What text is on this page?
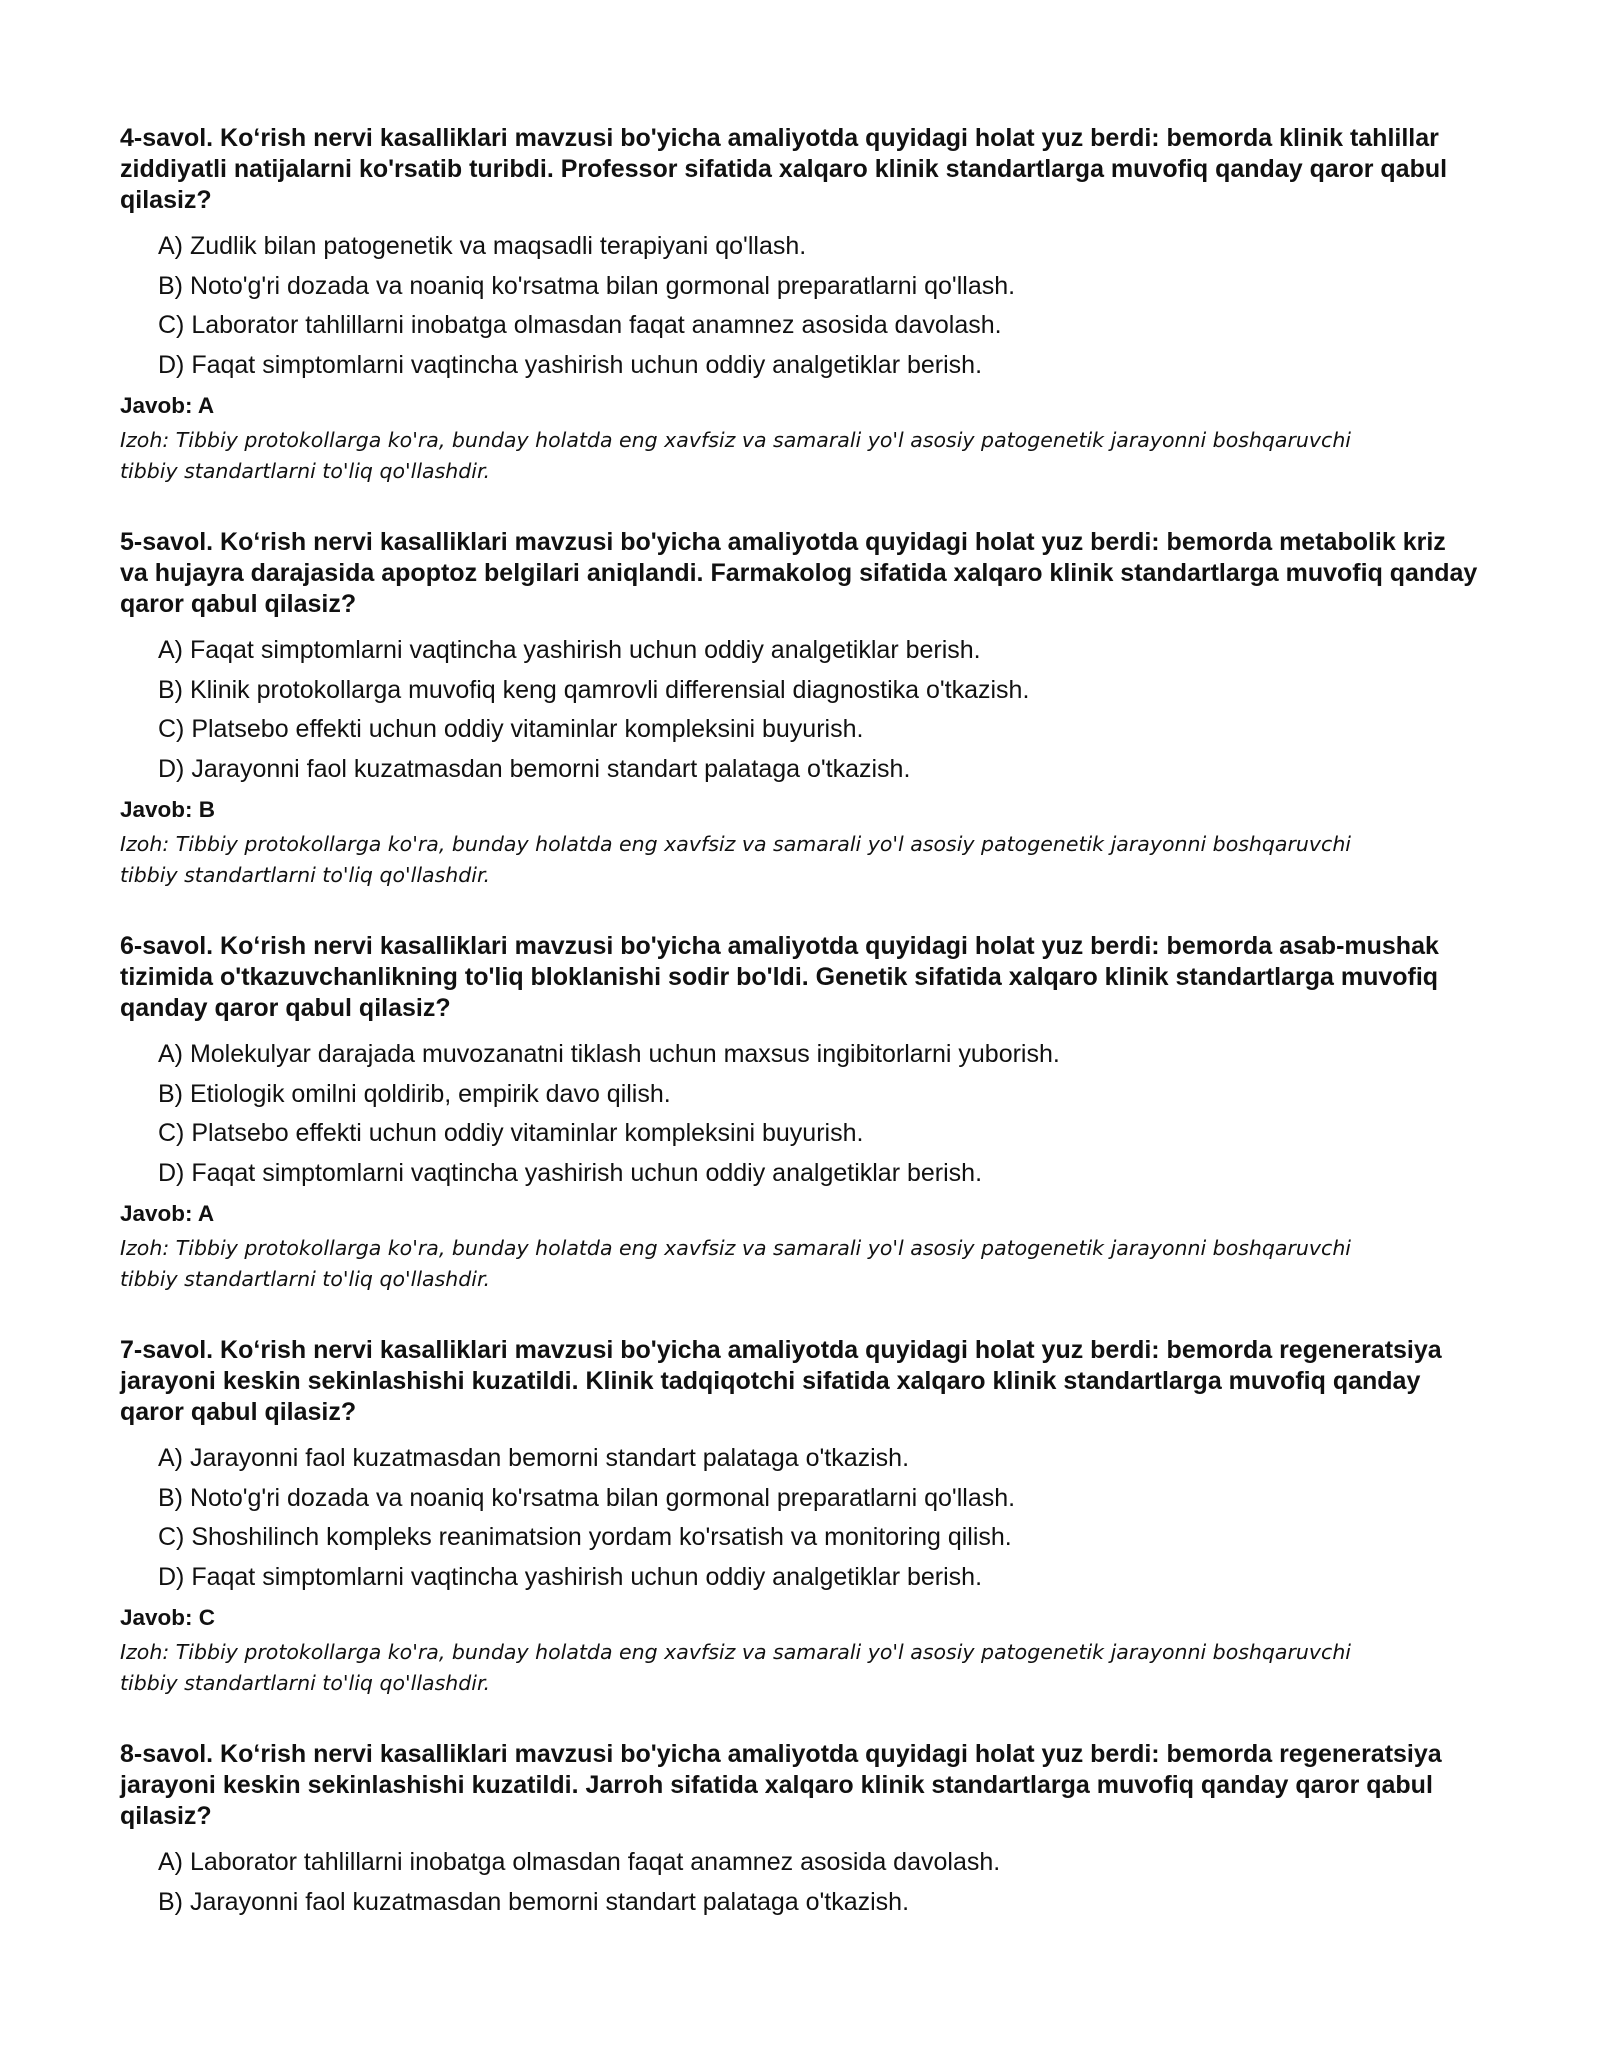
4-savol. Ko‘rish nervi kasalliklari mavzusi bo'yicha amaliyotda quyidagi holat yuz berdi: bemorda klinik tahlillar ziddiyatli natijalarni ko'rsatib turibdi. Professor sifatida xalqaro klinik standartlarga muvofiq qanday qaror qabul qilasiz?
A) Zudlik bilan patogenetik va maqsadli terapiyani qo'llash.
B) Noto'g'ri dozada va noaniq ko'rsatma bilan gormonal preparatlarni qo'llash.
C) Laborator tahlillarni inobatga olmasdan faqat anamnez asosida davolash.
D) Faqat simptomlarni vaqtincha yashirish uchun oddiy analgetiklar berish.
Javob: A
Izoh: Tibbiy protokollarga ko'ra, bunday holatda eng xavfsiz va samarali yo'l asosiy patogenetik jarayonni boshqaruvchi tibbiy standartlarni to'liq qo'llashdir.
5-savol. Ko‘rish nervi kasalliklari mavzusi bo'yicha amaliyotda quyidagi holat yuz berdi: bemorda metabolik kriz va hujayra darajasida apoptoz belgilari aniqlandi. Farmakolog sifatida xalqaro klinik standartlarga muvofiq qanday qaror qabul qilasiz?
A) Faqat simptomlarni vaqtincha yashirish uchun oddiy analgetiklar berish.
B) Klinik protokollarga muvofiq keng qamrovli differensial diagnostika o'tkazish.
C) Platsebo effekti uchun oddiy vitaminlar kompleksini buyurish.
D) Jarayonni faol kuzatmasdan bemorni standart palataga o'tkazish.
Javob: B
Izoh: Tibbiy protokollarga ko'ra, bunday holatda eng xavfsiz va samarali yo'l asosiy patogenetik jarayonni boshqaruvchi tibbiy standartlarni to'liq qo'llashdir.
6-savol. Ko‘rish nervi kasalliklari mavzusi bo'yicha amaliyotda quyidagi holat yuz berdi: bemorda asab-mushak tizimida o'tkazuvchanlikning to'liq bloklanishi sodir bo'ldi. Genetik sifatida xalqaro klinik standartlarga muvofiq qanday qaror qabul qilasiz?
A) Molekulyar darajada muvozanatni tiklash uchun maxsus ingibitorlarni yuborish.
B) Etiologik omilni qoldirib, empirik davo qilish.
C) Platsebo effekti uchun oddiy vitaminlar kompleksini buyurish.
D) Faqat simptomlarni vaqtincha yashirish uchun oddiy analgetiklar berish.
Javob: A
Izoh: Tibbiy protokollarga ko'ra, bunday holatda eng xavfsiz va samarali yo'l asosiy patogenetik jarayonni boshqaruvchi tibbiy standartlarni to'liq qo'llashdir.
7-savol. Ko‘rish nervi kasalliklari mavzusi bo'yicha amaliyotda quyidagi holat yuz berdi: bemorda regeneratsiya jarayoni keskin sekinlashishi kuzatildi. Klinik tadqiqotchi sifatida xalqaro klinik standartlarga muvofiq qanday qaror qabul qilasiz?
A) Jarayonni faol kuzatmasdan bemorni standart palataga o'tkazish.
B) Noto'g'ri dozada va noaniq ko'rsatma bilan gormonal preparatlarni qo'llash.
C) Shoshilinch kompleks reanimatsion yordam ko'rsatish va monitoring qilish.
D) Faqat simptomlarni vaqtincha yashirish uchun oddiy analgetiklar berish.
Javob: C
Izoh: Tibbiy protokollarga ko'ra, bunday holatda eng xavfsiz va samarali yo'l asosiy patogenetik jarayonni boshqaruvchi tibbiy standartlarni to'liq qo'llashdir.
8-savol. Ko‘rish nervi kasalliklari mavzusi bo'yicha amaliyotda quyidagi holat yuz berdi: bemorda regeneratsiya jarayoni keskin sekinlashishi kuzatildi. Jarroh sifatida xalqaro klinik standartlarga muvofiq qanday qaror qabul qilasiz?
A) Laborator tahlillarni inobatga olmasdan faqat anamnez asosida davolash.
B) Jarayonni faol kuzatmasdan bemorni standart palataga o'tkazish.
